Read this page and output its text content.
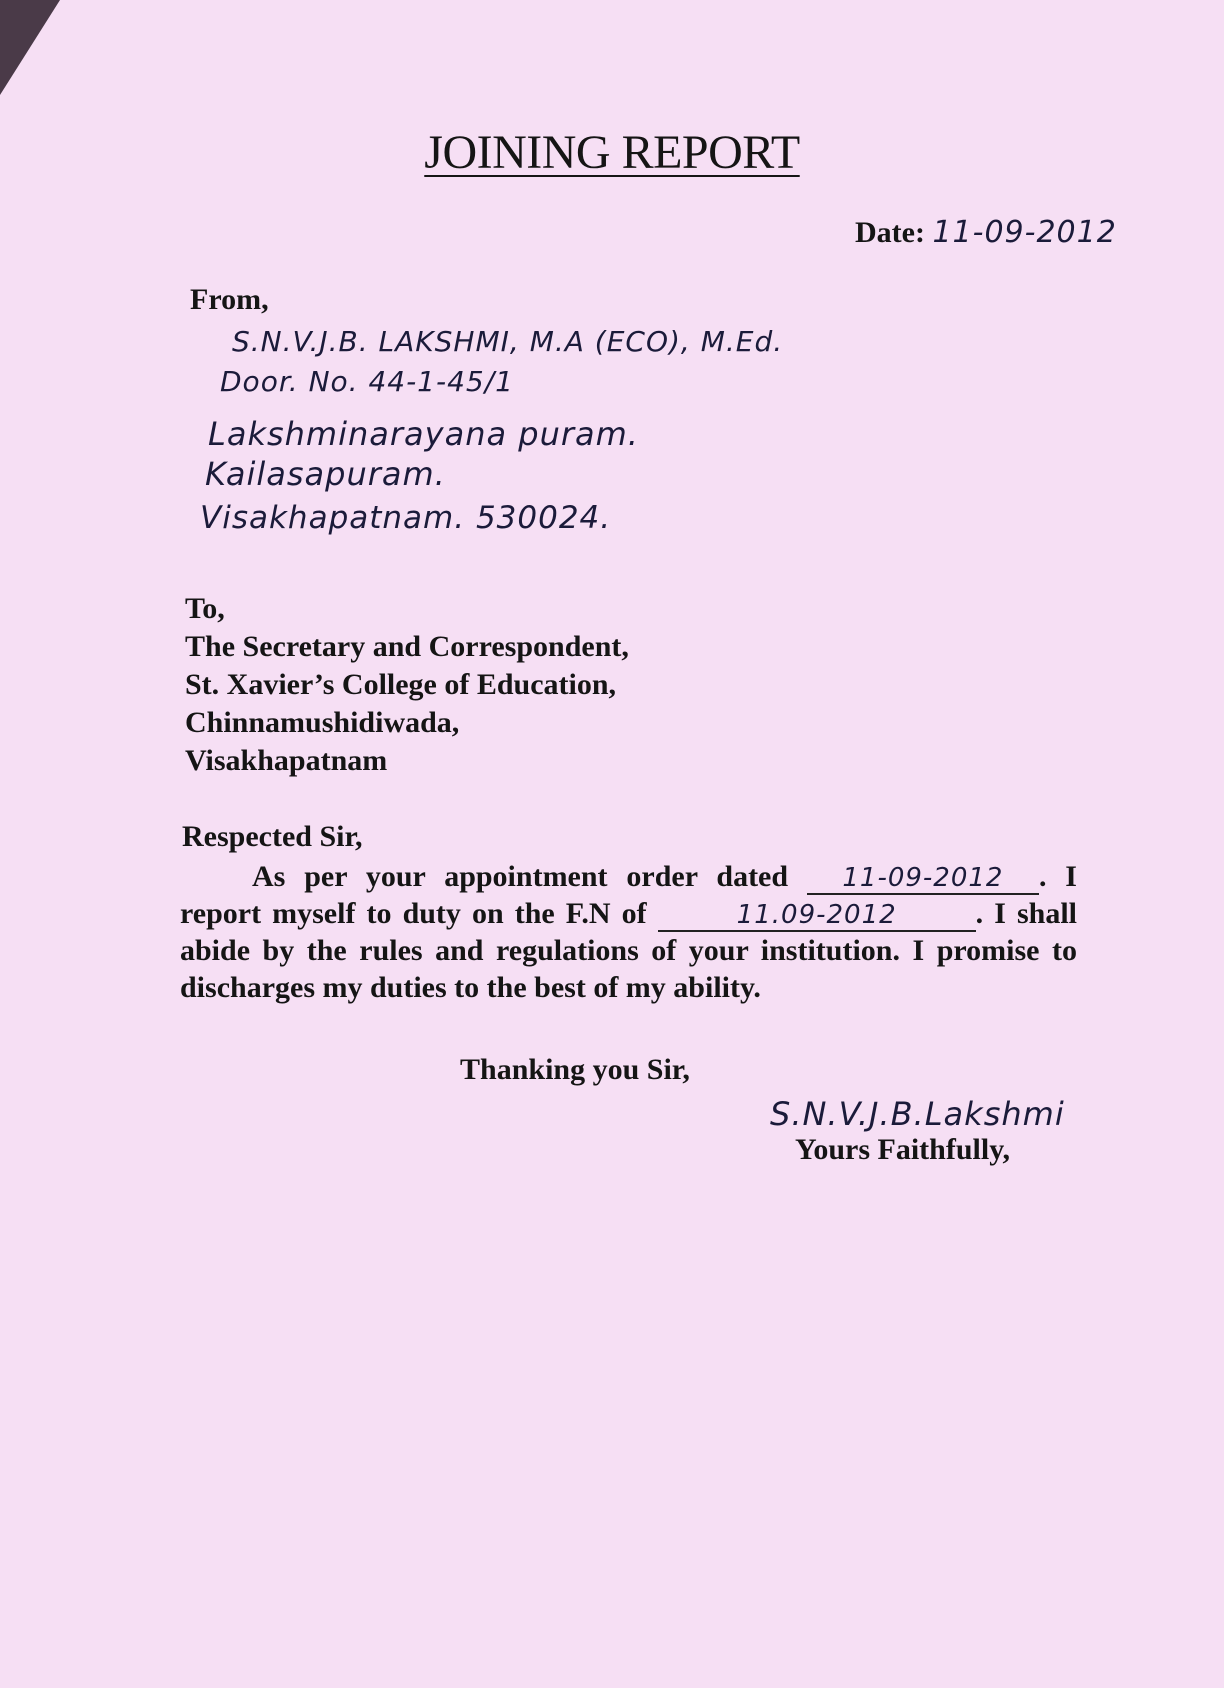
JOINING REPORT
Date: 11-09-2012
From,
S.N.V.J.B. LAKSHMI, M.A (ECO), M.Ed.
Door. No. 44-1-45/1
Lakshminarayana puram.
Kailasapuram.
Visakhapatnam. 530024.
To,
The Secretary and Correspondent,
St. Xavier’s College of Education,
Chinnamushidiwada,
Visakhapatnam
Respected Sir,
As per your appointment order dated 11-09-2012 . I report myself to duty on the F.N of	11.09-2012	. I shall abide by the rules and regulations of your institution. I promise to discharges my duties to the best of my ability.
Thanking you Sir,
S.N.V.J.B.Lakshmi
Yours Faithfully,
